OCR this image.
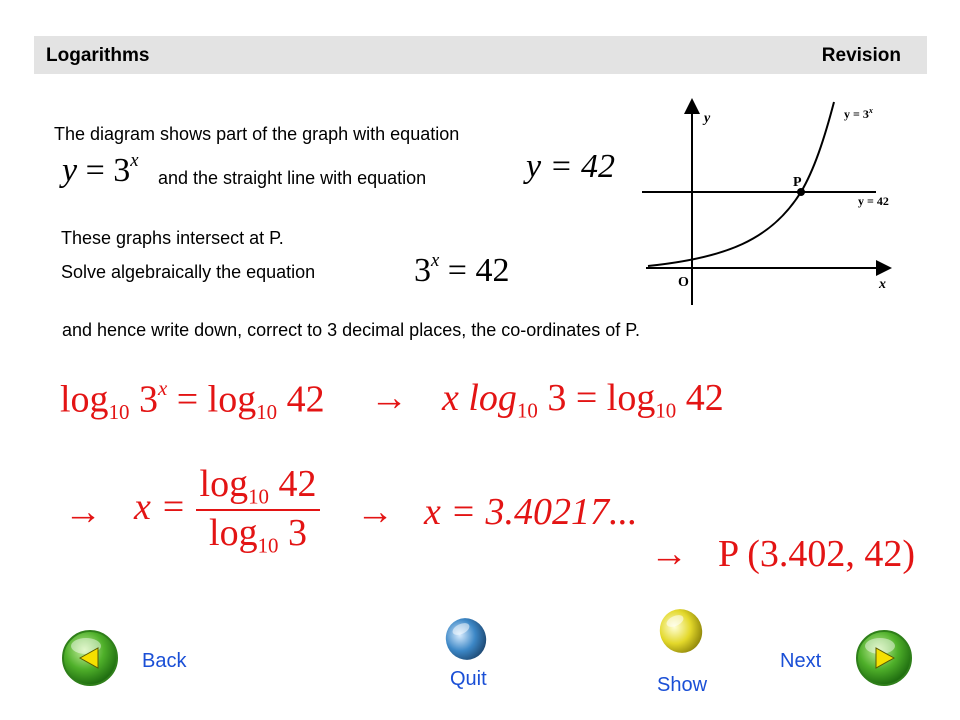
Logarithms	Revision
The diagram shows part of the graph with equation
$y = 3^x$
and the straight line with equation	y = 42
These graphs intersect at P.
Solve algebraically the equation	$3^x = 42$
and hence write down, correct to 3 decimal places, the co-ordinates of P.
y
x
O
P
$y = 3^x$
y = 42
$\log_{10} 3^x = \log_{10} 42 \to x$ $\log_{10} 3 = \log_{10} 42$
→ $x = \frac{\log_{10} 42}{\log_{10} 3} \to x = 3.40217$...
→ P (3.402, 42)
Back
Quit	Show
Next
